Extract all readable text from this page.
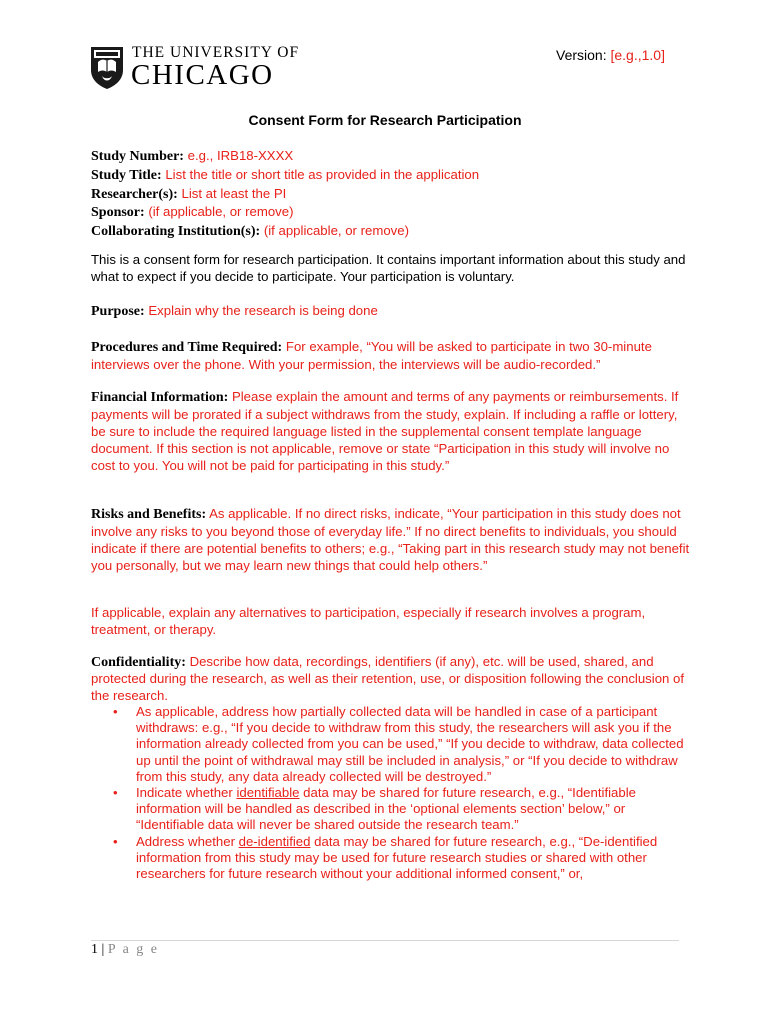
THE UNIVERSITY OF
CHICAGO
Version: [e.g.,1.0]
Consent Form for Research Participation
Study Number: e.g., IRB18-XXXX
Study Title: List the title or short title as provided in the application
Researcher(s): List at least the PI
Sponsor: (if applicable, or remove)
Collaborating Institution(s): (if applicable, or remove)
This is a consent form for research participation. It contains important information about this study and what to expect if you decide to participate. Your participation is voluntary.
Purpose: Explain why the research is being done
Procedures and Time Required: For example, “You will be asked to participate in two 30-minute interviews over the phone. With your permission, the interviews will be audio-recorded.”
Financial Information: Please explain the amount and terms of any payments or reimbursements. If payments will be prorated if a subject withdraws from the study, explain. If including a raffle or lottery, be sure to include the required language listed in the supplemental consent template language document. If this section is not applicable, remove or state “Participation in this study will involve no cost to you. You will not be paid for participating in this study.”
Risks and Benefits: As applicable. If no direct risks, indicate, “Your participation in this study does not involve any risks to you beyond those of everyday life.” If no direct benefits to individuals, you should indicate if there are potential benefits to others; e.g., “Taking part in this research study may not benefit you personally, but we may learn new things that could help others.”
If applicable, explain any alternatives to participation, especially if research involves a program, treatment, or therapy.
Confidentiality: Describe how data, recordings, identifiers (if any), etc. will be used, shared, and protected during the research, as well as their retention, use, or disposition following the conclusion of the research.
• As applicable, address how partially collected data will be handled in case of a participant withdraws: e.g., “If you decide to withdraw from this study, the researchers will ask you if the information already collected from you can be used,” “If you decide to withdraw, data collected up until the point of withdrawal may still be included in analysis,” or “If you decide to withdraw from this study, any data already collected will be destroyed.”
• Indicate whether identifiable data may be shared for future research, e.g., “Identifiable information will be handled as described in the ‘optional elements section’ below,” or “Identifiable data will never be shared outside the research team.”
• Address whether de-identified data may be shared for future research, e.g., “De-identified information from this study may be used for future research studies or shared with other researchers for future research without your additional informed consent,” or,
1 | P a g e
